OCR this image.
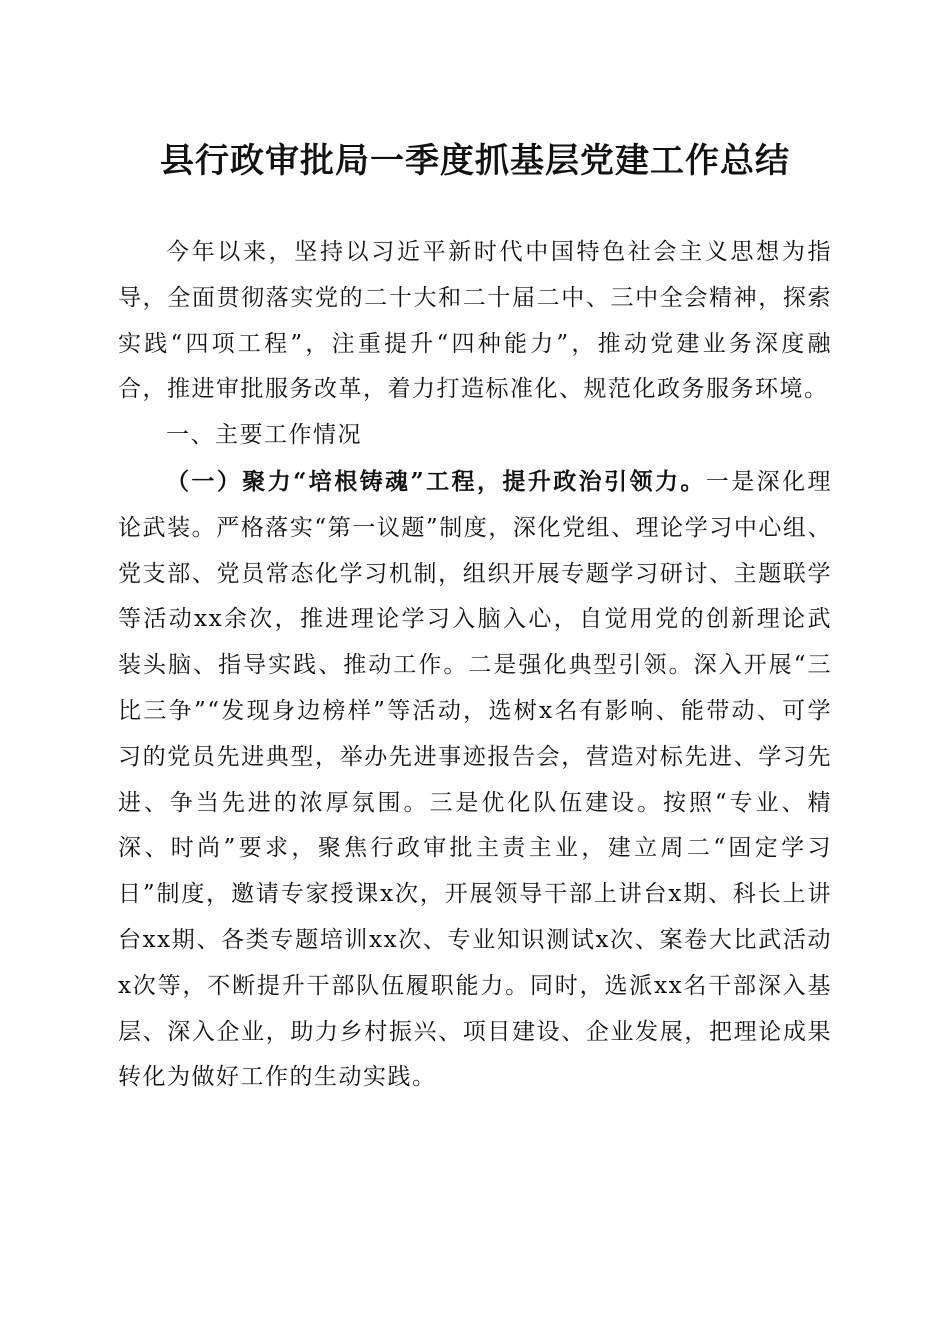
县行政审批局一季度抓基层党建工作总结

今年以来，坚持以习近平新时代中国特色社会主义思想为指导，全面贯彻落实党的二十大和二十届二中、三中全会精神，探索实践“四项工程”，注重提升“四种能力”，推动党建业务深度融合，推进审批服务改革，着力打造标准化、规范化政务服务环境。

一、主要工作情况

（一）聚力“培根铸魂”工程，提升政治引领力。一是深化理论武装。严格落实“第一议题”制度，深化党组、理论学习中心组、党支部、党员常态化学习机制，组织开展专题学习研讨、主题联学等活动xx余次，推进理论学习入脑入心，自觉用党的创新理论武装头脑、指导实践、推动工作。二是强化典型引领。深入开展“三比三争”“发现身边榜样”等活动，选树x名有影响、能带动、可学习的党员先进典型，举办先进事迹报告会，营造对标先进、学习先进、争当先进的浓厚氛围。三是优化队伍建设。按照“专业、精深、时尚”要求，聚焦行政审批主责主业，建立周二“固定学习日”制度，邀请专家授课x次，开展领导干部上讲台x期、科长上讲台xx期、各类专题培训xx次、专业知识测试x次、案卷大比武活动x次等，不断提升干部队伍履职能力。同时，选派xx名干部深入基层、深入企业，助力乡村振兴、项目建设、企业发展，把理论成果转化为做好工作的生动实践。
